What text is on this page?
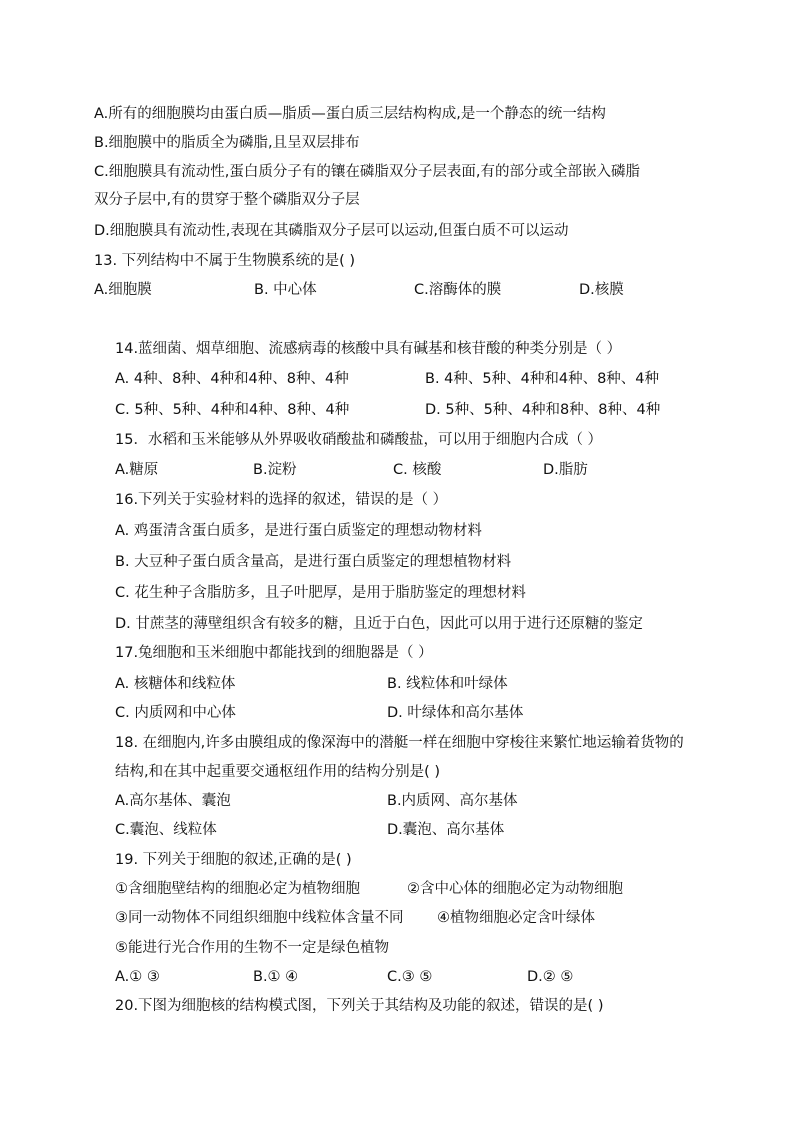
A.所有的细胞膜均由蛋白质—脂质—蛋白质三层结构构成,是一个静态的统一结构
B.细胞膜中的脂质全为磷脂,且呈双层排布
C.细胞膜具有流动性,蛋白质分子有的镶在磷脂双分子层表面,有的部分或全部嵌入磷脂
双分子层中,有的贯穿于整个磷脂双分子层
D.细胞膜具有流动性,表现在其磷脂双分子层可以运动,但蛋白质不可以运动
13. 下列结构中不属于生物膜系统的是( )
A.细胞膜	B. 中心体	C.溶酶体的膜	D.核膜
14.蓝细菌、烟草细胞、流感病毒的核酸中具有碱基和核苷酸的种类分别是（ ）
A. 4种、8种、4种和4种、8种、4种	B. 4种、5种、4种和4种、8种、4种
C. 5种、5种、4种和4种、8种、4种	D. 5种、5种、4种和8种、8种、4种
15．水稻和玉米能够从外界吸收硝酸盐和磷酸盐，可以用于细胞内合成（ ）
A.糖原	B.淀粉	C. 核酸	D.脂肪
16.下列关于实验材料的选择的叙述，错误的是（ ）
A. 鸡蛋清含蛋白质多，是进行蛋白质鉴定的理想动物材料
B. 大豆种子蛋白质含量高，是进行蛋白质鉴定的理想植物材料
C. 花生种子含脂肪多，且子叶肥厚，是用于脂肪鉴定的理想材料
D. 甘蔗茎的薄壁组织含有较多的糖，且近于白色，因此可以用于进行还原糖的鉴定
17.兔细胞和玉米细胞中都能找到的细胞器是（ ）
A. 核糖体和线粒体	B. 线粒体和叶绿体
C. 内质网和中心体	D. 叶绿体和高尔基体
18. 在细胞内,许多由膜组成的像深海中的潜艇一样在细胞中穿梭往来繁忙地运输着货物的
结构,和在其中起重要交通枢纽作用的结构分别是( )
A.高尔基体、囊泡	B.内质网、高尔基体
C.囊泡、线粒体	D.囊泡、高尔基体
19. 下列关于细胞的叙述,正确的是( )
①含细胞壁结构的细胞必定为植物细胞	②含中心体的细胞必定为动物细胞
③同一动物体不同组织细胞中线粒体含量不同 ④植物细胞必定含叶绿体
⑤能进行光合作用的生物不一定是绿色植物
A.① ③	B.① ④	C.③ ⑤	D.② ⑤
20.下图为细胞核的结构模式图，下列关于其结构及功能的叙述，错误的是( )
